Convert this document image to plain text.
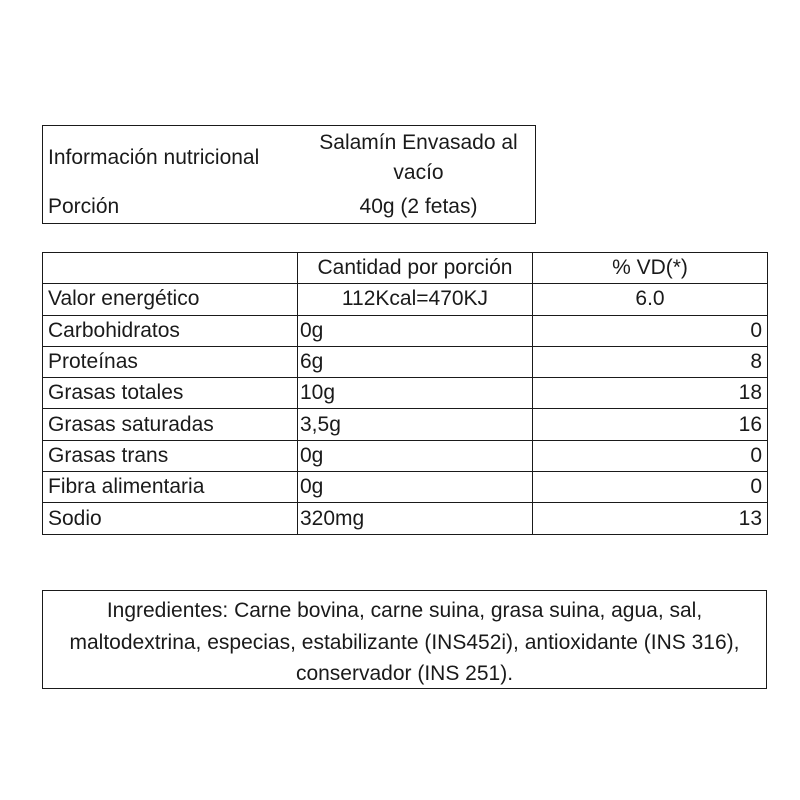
Información nutricional	Salamín Envasado al vacío
Porción	40g (2 fetas)
	Cantidad por porción	% VD(*)
Valor energético	112Kcal=470KJ	6.0
Carbohidratos	0g	0
Proteínas	6g	8
Grasas totales	10g	18
Grasas saturadas	3,5g	16
Grasas trans	0g	0
Fibra alimentaria	0g	0
Sodio	320mg	13
Ingredientes: Carne bovina, carne suina, grasa suina, agua, sal,
maltodextrina, especias, estabilizante (INS452i), antioxidante (INS 316),
conservador (INS 251).
